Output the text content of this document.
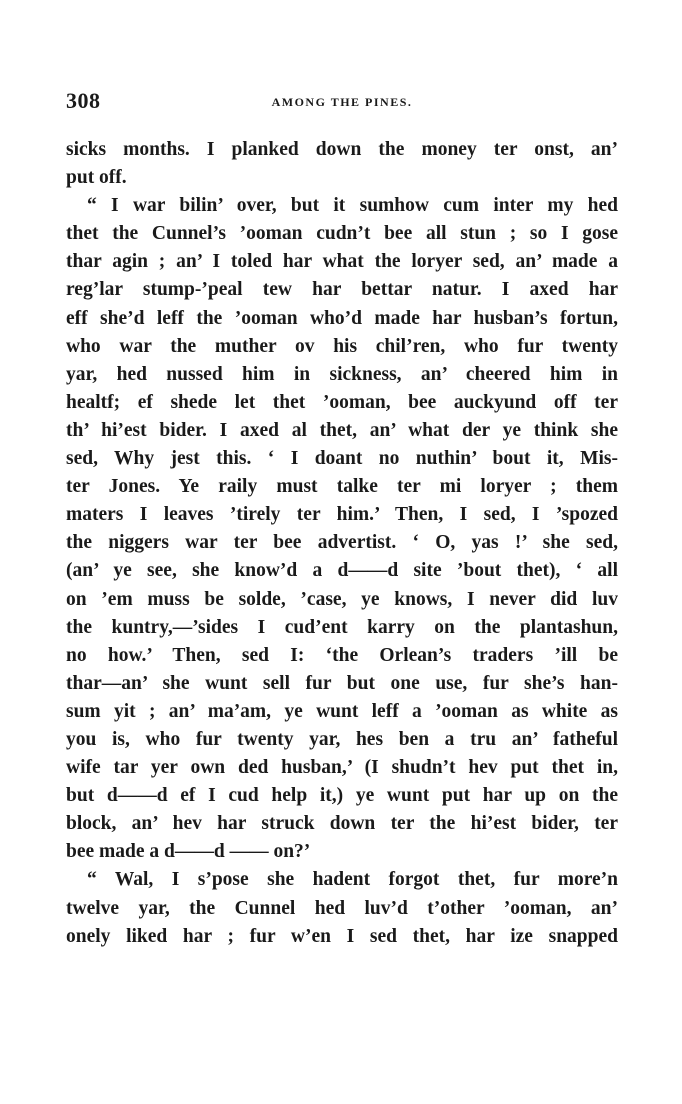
308	AMONG THE PINES.
sicks months. I planked down the money ter onst, an’
put off.
“ I war bilin’ over, but it sumhow cum inter my hed
thet the Cunnel’s ’ooman cudn’t bee all stun ; so I gose
thar agin ; an’ I toled har what the loryer sed, an’ made a
reg’lar stump-’peal tew har bettar natur. I axed har
eff she’d leff the ’ooman who’d made har husban’s fortun,
who war the muther ov his chil’ren, who fur twenty
yar, hed nussed him in sickness, an’ cheered him in
healtf; ef shede let thet ’ooman, bee auckyund off ter
th’ hi’est bider. I axed al thet, an’ what der ye think she
sed, Why jest this. ‘ I doant no nuthin’ bout it, Mis-
ter Jones. Ye raily must talke ter mi loryer ; them
maters I leaves ’tirely ter him.’ Then, I sed, I ’spozed
the niggers war ter bee advertist. ‘ O, yas !’ she sed,
(an’ ye see, she know’d a d——d site ’bout thet), ‘ all
on ’em muss be solde, ’case, ye knows, I never did luv
the kuntry,—’sides I cud’ent karry on the plantashun,
no how.’ Then, sed I: ‘the Orlean’s traders ’ill be
thar—an’ she wunt sell fur but one use, fur she’s han-
sum yit ; an’ ma’am, ye wunt leff a ’ooman as white as
you is, who fur twenty yar, hes ben a tru an’ fatheful
wife tar yer own ded husban,’ (I shudn’t hev put thet in,
but d——d ef I cud help it,) ye wunt put har up on the
block, an’ hev har struck down ter the hi’est bider, ter
bee made a d——d —— on?’
“ Wal, I s’pose she hadent forgot thet, fur more’n
twelve yar, the Cunnel hed luv’d t’other ’ooman, an’
onely liked har ; fur w’en I sed thet, har ize snapped
